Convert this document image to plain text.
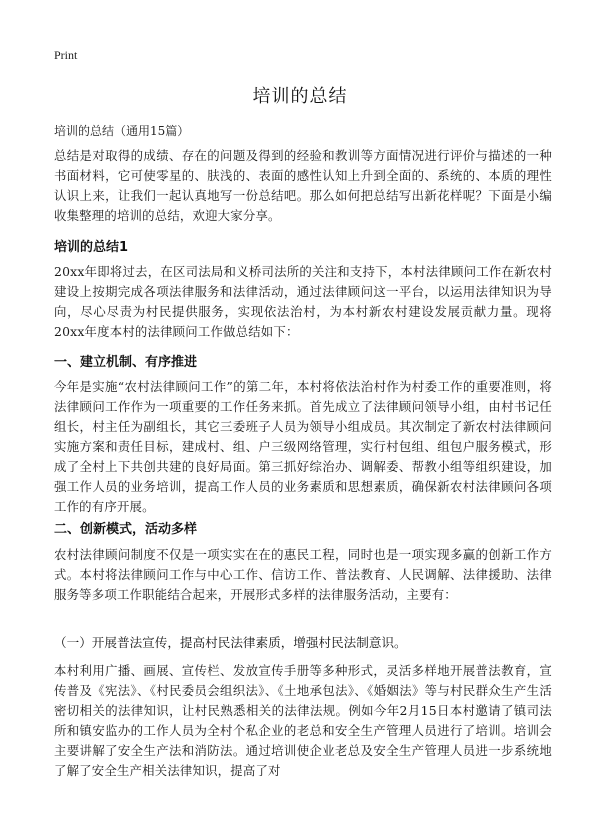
Print
培训的总结
培训的总结（通用15篇）
总结是对取得的成绩、存在的问题及得到的经验和教训等方面情况进行评价与描述的一种书面材料，它可使零星的、肤浅的、表面的感性认知上升到全面的、系统的、本质的理性认识上来，让我们一起认真地写一份总结吧。那么如何把总结写出新花样呢？下面是小编收集整理的培训的总结，欢迎大家分享。
培训的总结1
20xx年即将过去，在区司法局和义桥司法所的关注和支持下，本村法律顾问工作在新农村建设上按期完成各项法律服务和法律活动，通过法律顾问这一平台，以运用法律知识为导向，尽心尽责为村民提供服务，实现依法治村，为本村新农村建设发展贡献力量。现将20xx年度本村的法律顾问工作做总结如下：
一、建立机制、有序推进
今年是实施“农村法律顾问工作”的第二年，本村将依法治村作为村委工作的重要准则，将法律顾问工作作为一项重要的工作任务来抓。首先成立了法律顾问领导小组，由村书记任组长，村主任为副组长，其它三委班子人员为领导小组成员。其次制定了新农村法律顾问实施方案和责任目标，建成村、组、户三级网络管理，实行村包组、组包户服务模式，形成了全村上下共创共建的良好局面。第三抓好综治办、调解委、帮教小组等组织建设，加强工作人员的业务培训，提高工作人员的业务素质和思想素质，确保新农村法律顾问各项工作的有序开展。
二、创新模式，活动多样
农村法律顾问制度不仅是一项实实在在的惠民工程，同时也是一项实现多赢的创新工作方式。本村将法律顾问工作与中心工作、信访工作、普法教育、人民调解、法律援助、法律服务等多项工作职能结合起来，开展形式多样的法律服务活动，主要有：
（一）开展普法宣传，提高村民法律素质，增强村民法制意识。
本村利用广播、画展、宣传栏、发放宣传手册等多种形式，灵活多样地开展普法教育，宣传普及《宪法》、《村民委员会组织法》、《土地承包法》、《婚姻法》等与村民群众生产生活密切相关的法律知识，让村民熟悉相关的法律法规。例如今年2月15日本村邀请了镇司法所和镇安监办的工作人员为全村个私企业的老总和安全生产管理人员进行了培训。培训会主要讲解了安全生产法和消防法。通过培训使企业老总及安全生产管理人员进一步系统地了解了安全生产相关法律知识，提高了对
